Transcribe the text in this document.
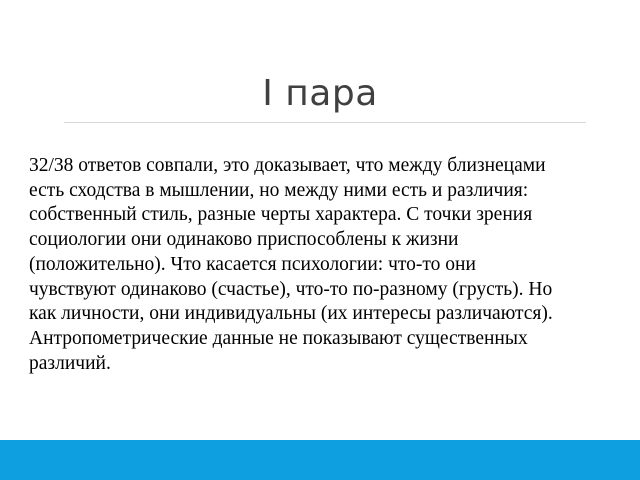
I пара

32/38 ответов совпали, это доказывает, что между близнецами
есть сходства в мышлении, но между ними есть и различия:
собственный стиль, разные черты характера. С точки зрения
социологии они одинаково приспособлены к жизни
(положительно). Что касается психологии: что-то они
чувствуют одинаково (счастье), что-то по-разному (грусть). Но
как личности, они индивидуальны (их интересы различаются).
Антропометрические данные не показывают существенных
различий.
